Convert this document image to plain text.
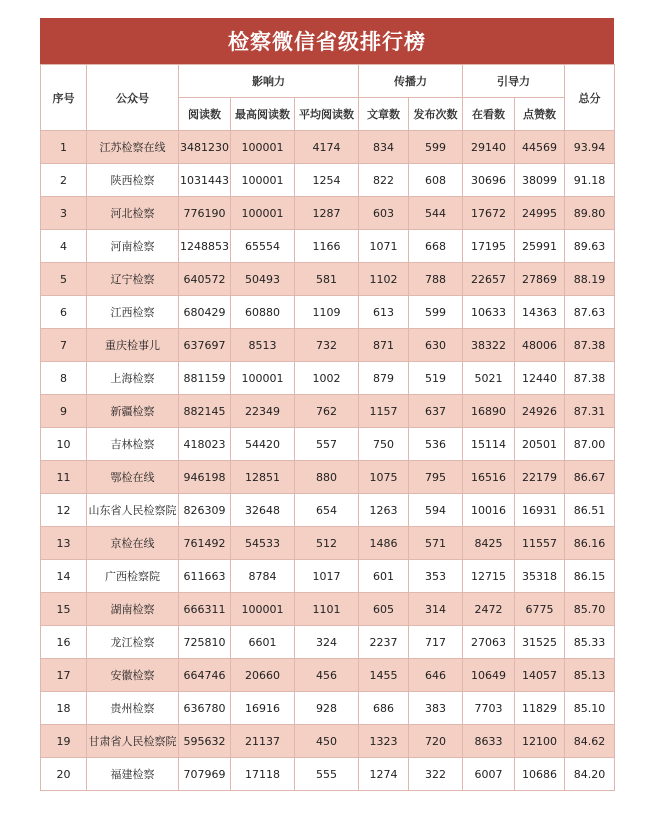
检察微信省级排行榜
序号	公众号	影响力			传播力		引导力		总分
		阅读数	最高阅读数	平均阅读数	文章数	发布次数	在看数	点赞数	
1	江苏检察在线	3481230	100001	4174	834	599	29140	44569	93.94
2	陕西检察	1031443	100001	1254	822	608	30696	38099	91.18
3	河北检察	776190	100001	1287	603	544	17672	24995	89.80
4	河南检察	1248853	65554	1166	1071	668	17195	25991	89.63
5	辽宁检察	640572	50493	581	1102	788	22657	27869	88.19
6	江西检察	680429	60880	1109	613	599	10633	14363	87.63
7	重庆检事儿	637697	8513	732	871	630	38322	48006	87.38
8	上海检察	881159	100001	1002	879	519	5021	12440	87.38
9	新疆检察	882145	22349	762	1157	637	16890	24926	87.31
10	吉林检察	418023	54420	557	750	536	15114	20501	87.00
11	鄂检在线	946198	12851	880	1075	795	16516	22179	86.67
12	山东省人民检察院	826309	32648	654	1263	594	10016	16931	86.51
13	京检在线	761492	54533	512	1486	571	8425	11557	86.16
14	广西检察院	611663	8784	1017	601	353	12715	35318	86.15
15	湖南检察	666311	100001	1101	605	314	2472	6775	85.70
16	龙江检察	725810	6601	324	2237	717	27063	31525	85.33
17	安徽检察	664746	20660	456	1455	646	10649	14057	85.13
18	贵州检察	636780	16916	928	686	383	7703	11829	85.10
19	甘肃省人民检察院	595632	21137	450	1323	720	8633	12100	84.62
20	福建检察	707969	17118	555	1274	322	6007	10686	84.20
